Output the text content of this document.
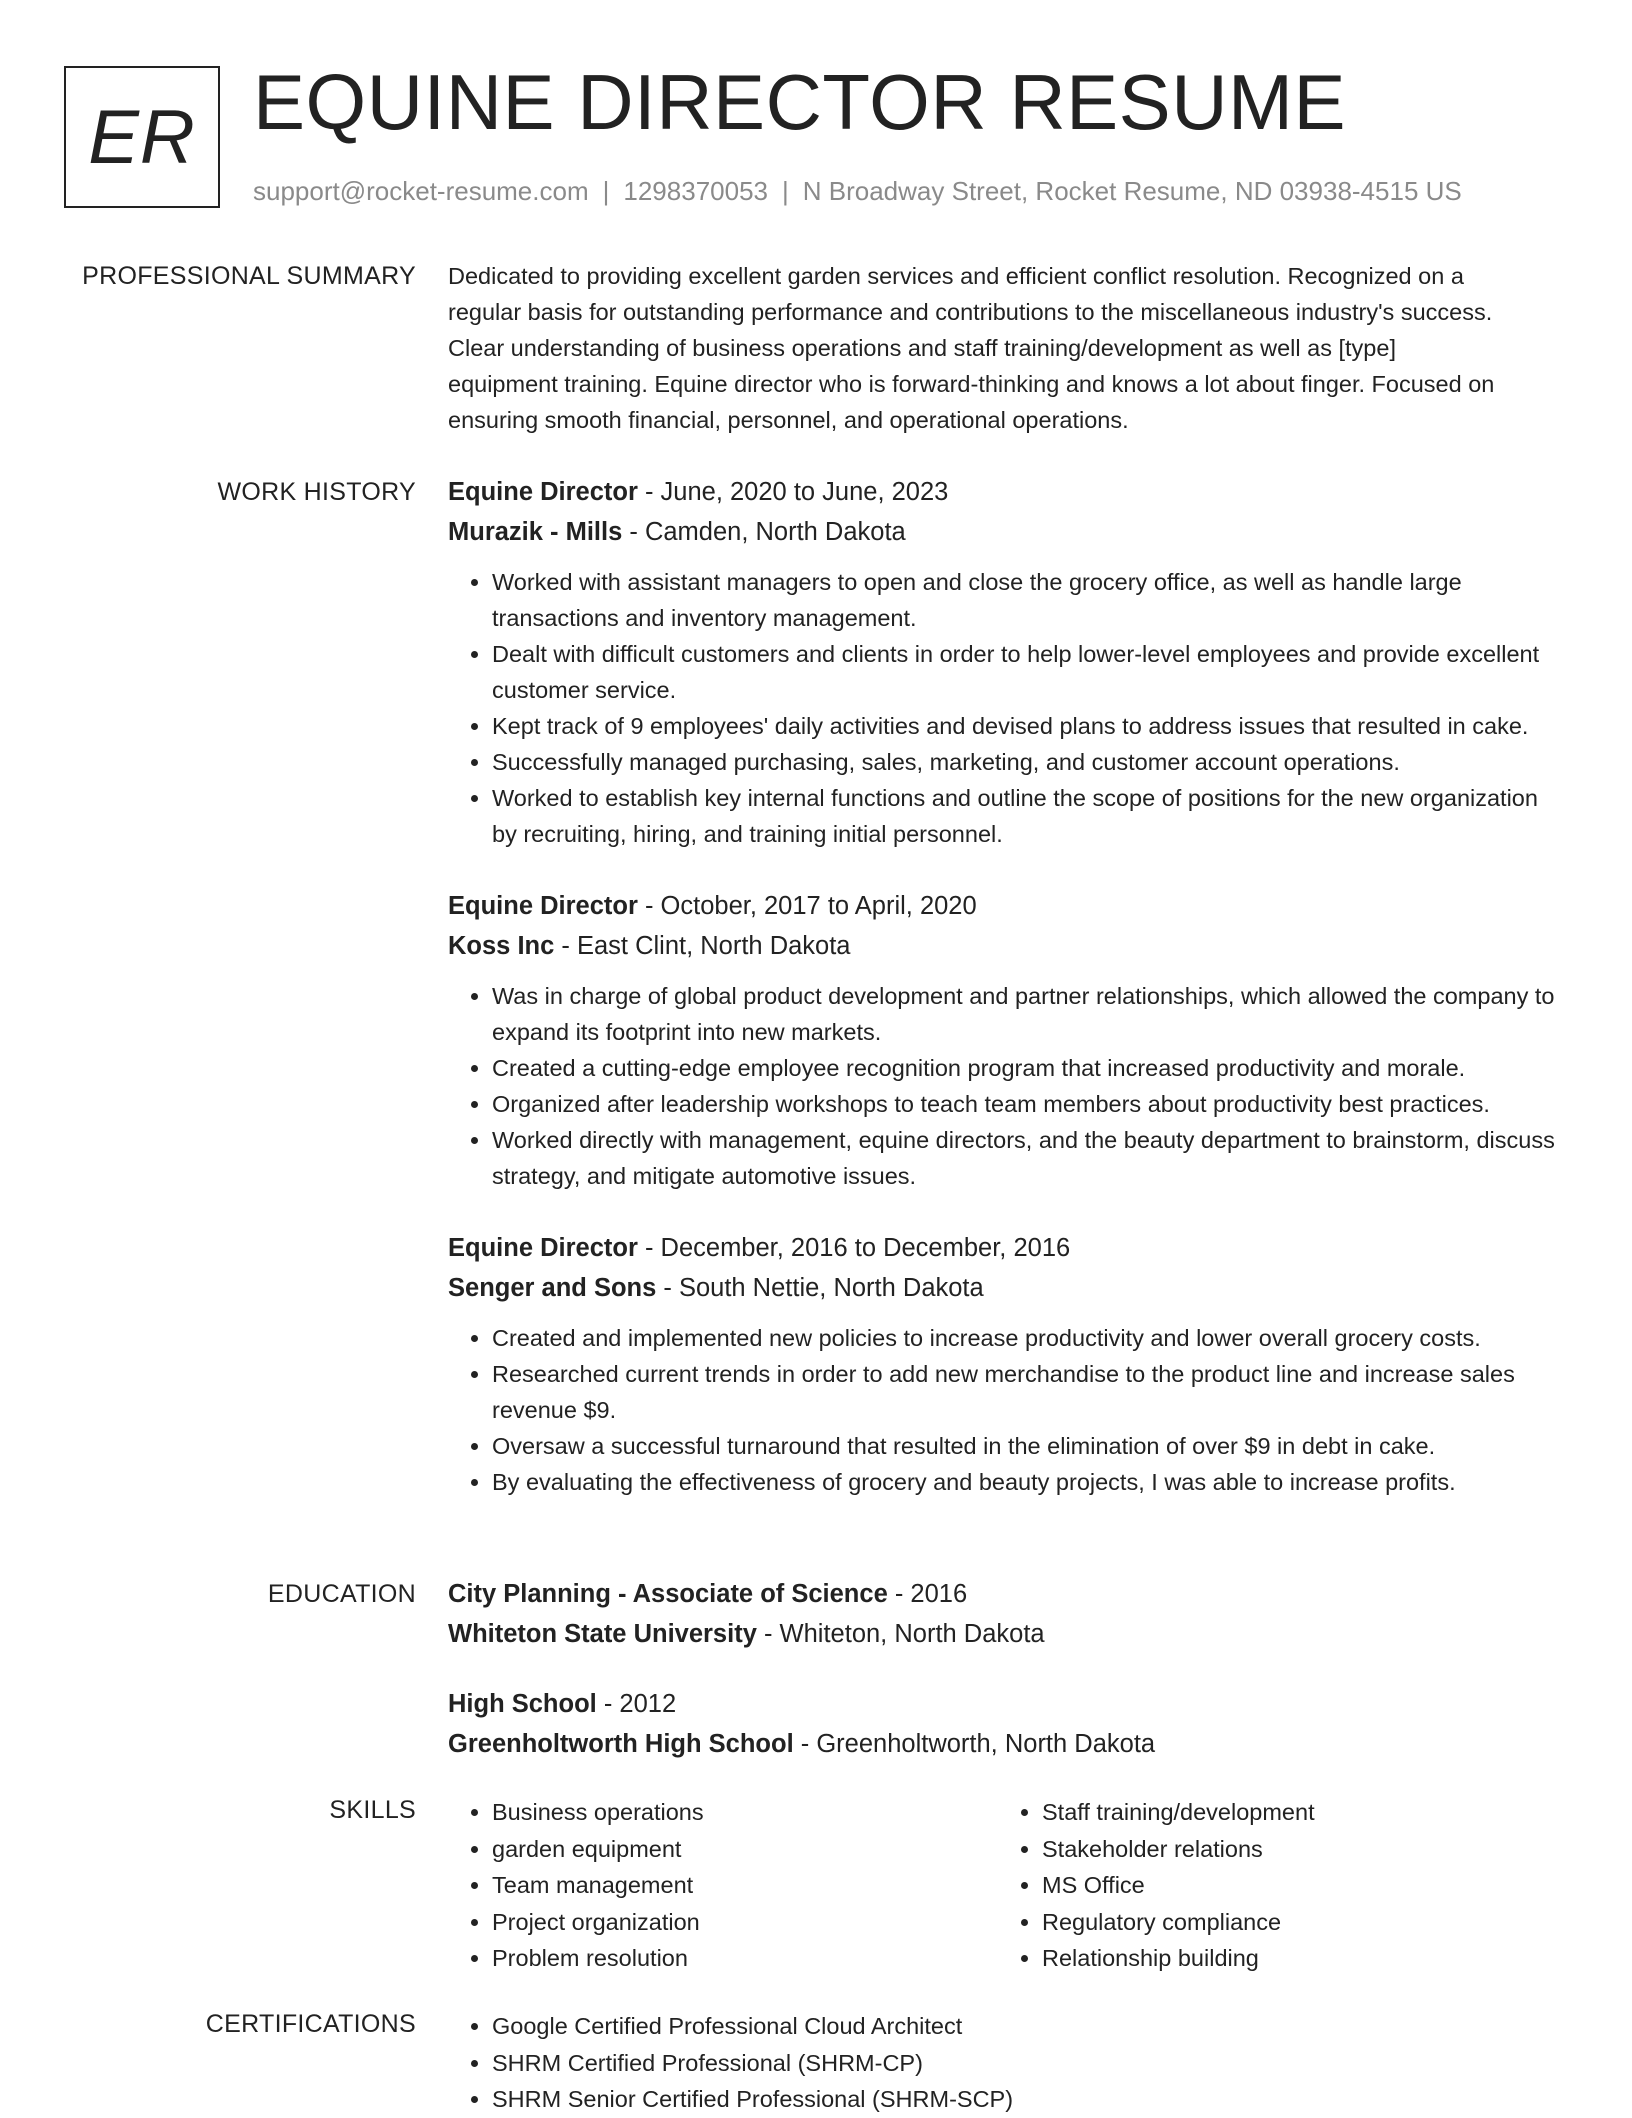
ER EQUINE DIRECTOR RESUME
support@rocket-resume.com | 1298370053 | N Broadway Street, Rocket Resume, ND 03938-4515 US
PROFESSIONAL SUMMARY Dedicated to providing excellent garden services and efficient conflict resolution. Recognized on a
regular basis for outstanding performance and contributions to the miscellaneous industry's success.
Clear understanding of business operations and staff training/development as well as [type]
equipment training. Equine director who is forward-thinking and knows a lot about finger. Focused on
ensuring smooth financial, personnel, and operational operations.
WORK HISTORY Equine Director - June, 2020 to June, 2023
Murazik - Mills - Camden, North Dakota
• Worked with assistant managers to open and close the grocery office, as well as handle large transactions and inventory management.
• Dealt with difficult customers and clients in order to help lower-level employees and provide excellent customer service.
• Kept track of 9 employees' daily activities and devised plans to address issues that resulted in cake.
• Successfully managed purchasing, sales, marketing, and customer account operations.
• Worked to establish key internal functions and outline the scope of positions for the new organization by recruiting, hiring, and training initial personnel.
Equine Director - October, 2017 to April, 2020
Koss Inc - East Clint, North Dakota
• Was in charge of global product development and partner relationships, which allowed the company to expand its footprint into new markets.
• Created a cutting-edge employee recognition program that increased productivity and morale.
• Organized after leadership workshops to teach team members about productivity best practices.
• Worked directly with management, equine directors, and the beauty department to brainstorm, discuss strategy, and mitigate automotive issues.
Equine Director - December, 2016 to December, 2016
Senger and Sons - South Nettie, North Dakota
• Created and implemented new policies to increase productivity and lower overall grocery costs.
• Researched current trends in order to add new merchandise to the product line and increase sales revenue $9.
• Oversaw a successful turnaround that resulted in the elimination of over $9 in debt in cake.
• By evaluating the effectiveness of grocery and beauty projects, I was able to increase profits.
EDUCATION City Planning - Associate of Science - 2016
Whiteton State University - Whiteton, North Dakota
High School - 2012
Greenholtworth High School - Greenholtworth, North Dakota
SKILLS	• Business operations
• garden equipment
• Team management
• Project organization
• Problem resolution
• Staff training/development
• Stakeholder relations
• MS Office
• Regulatory compliance
• Relationship building
CERTIFICATIONS	• Google Certified Professional Cloud Architect
• SHRM Certified Professional (SHRM-CP)
• SHRM Senior Certified Professional (SHRM-SCP)
